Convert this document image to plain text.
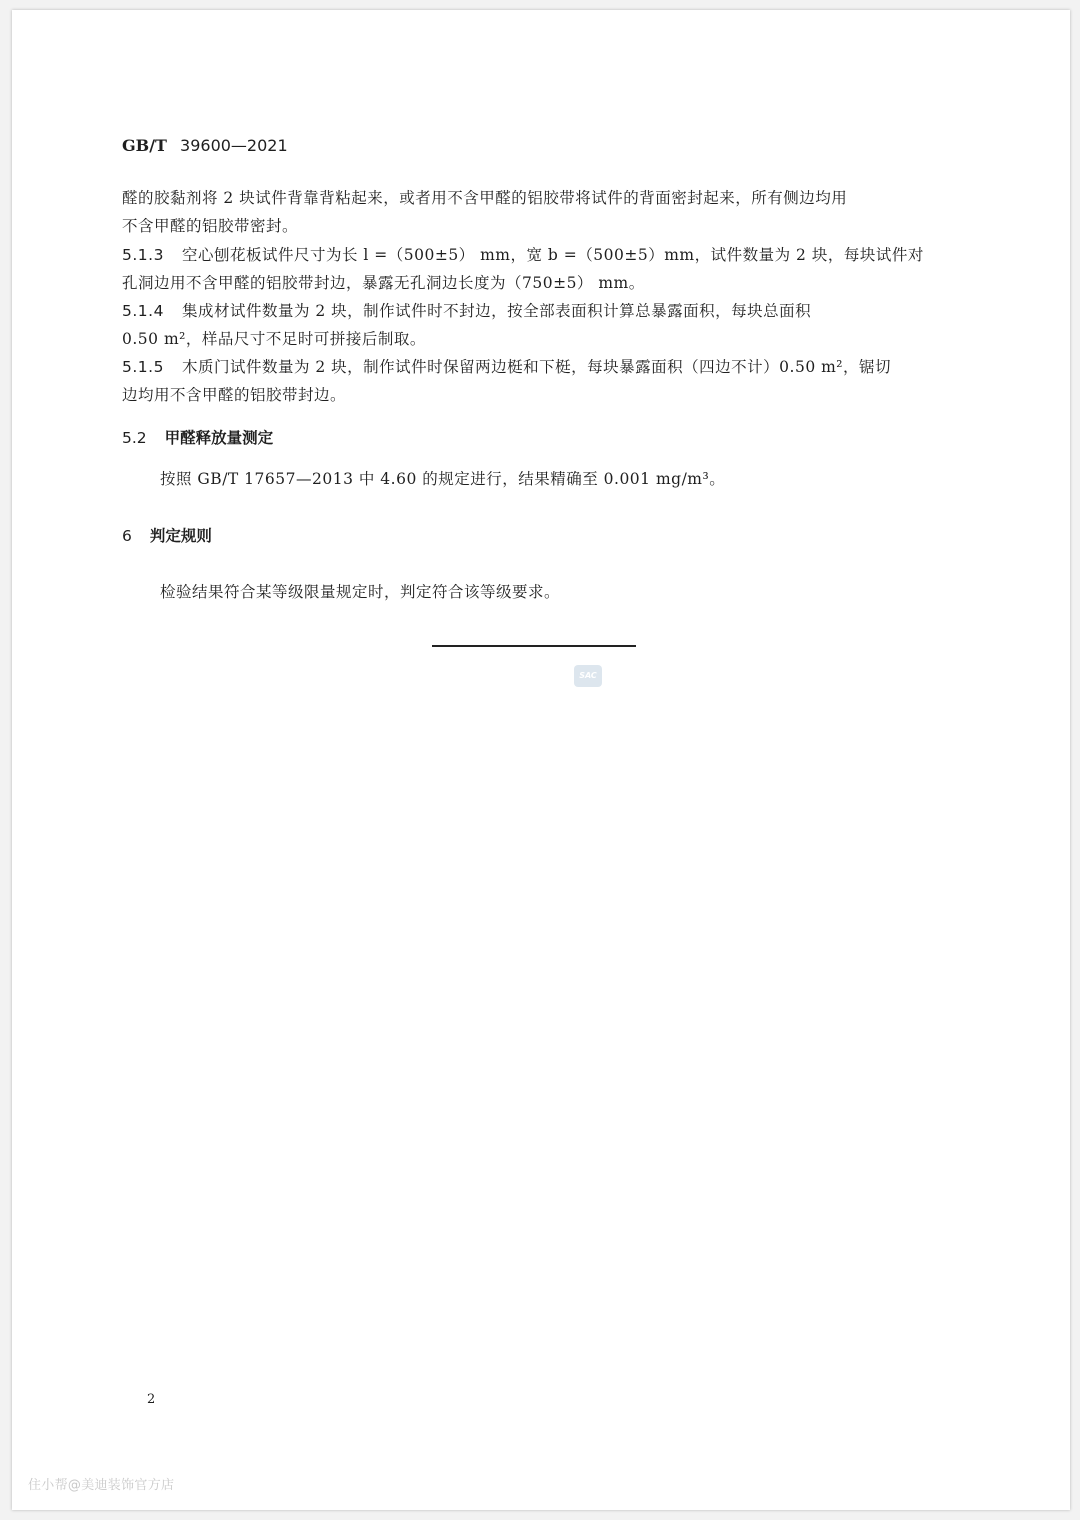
GB/T 39600—2021
醛的胶黏剂将 2 块试件背靠背粘起来，或者用不含甲醛的铝胶带将试件的背面密封起来，所有侧边均用
不含甲醛的铝胶带密封。
5.1.3 空心刨花板试件尺寸为长 l =（500±5） mm，宽 b =（500±5）mm，试件数量为 2 块，每块试件对
孔洞边用不含甲醛的铝胶带封边，暴露无孔洞边长度为（750±5） mm。
5.1.4 集成材试件数量为 2 块，制作试件时不封边，按全部表面积计算总暴露面积，每块总面积
0.50 m²，样品尺寸不足时可拼接后制取。
5.1.5 木质门试件数量为 2 块，制作试件时保留两边梃和下梃，每块暴露面积（四边不计）0.50 m²，锯切
边均用不含甲醛的铝胶带封边。
5.2 甲醛释放量测定
按照 GB/T 17657—2013 中 4.60 的规定进行，结果精确至 0.001 mg/m³。
6 判定规则
检验结果符合某等级限量规定时，判定符合该等级要求。
SAC
2
住小帮@美迪装饰官方店
